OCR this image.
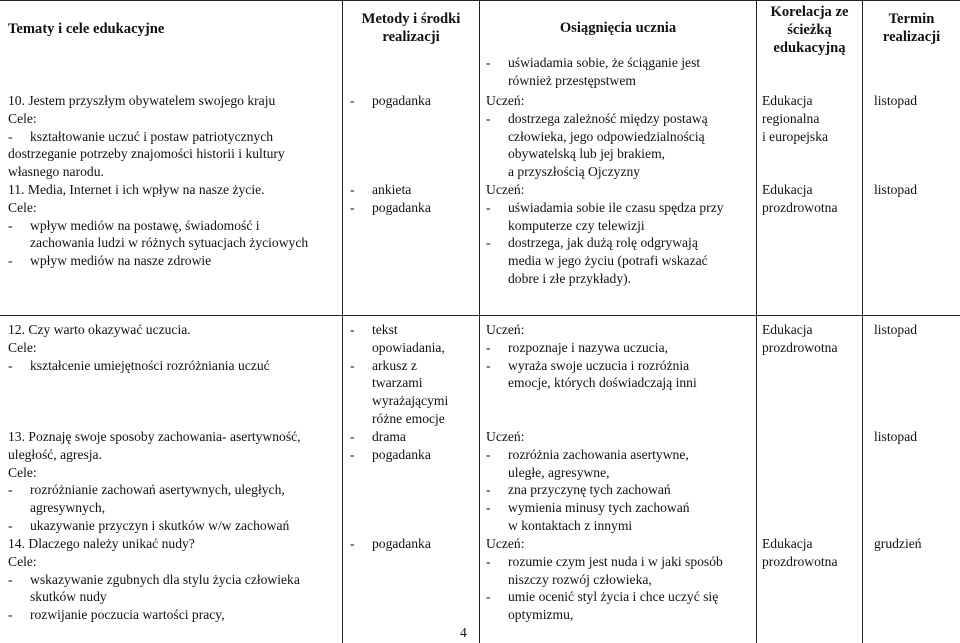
Tematy i cele edukacyjne
Metody i środki
realizacji
Osiągnięcia ucznia
Korelacja ze
ścieżką
edukacyjną
Termin
realizacji
10. Jestem przyszłym obywatelem swojego kraju
Cele:
- kształtowanie uczuć i postaw patriotycznych
dostrzeganie potrzeby znajomości historii i kultury
własnego narodu.
11. Media, Internet i ich wpływ na nasze życie.
Cele:
- wpływ mediów na postawę, świadomość i
zachowania ludzi w różnych sytuacjach życiowych
- wpływ mediów na nasze zdrowie
- pogadanka
- ankieta
- pogadanka
- uświadamia sobie, że ściąganie jest
również przestępstwem
Uczeń:
- dostrzega zależność między postawą
człowieka, jego odpowiedzialnością
obywatelską lub jej brakiem,
a przyszłością Ojczyzny
Uczeń:
- uświadamia sobie ile czasu spędza przy
komputerze czy telewizji
- dostrzega, jak dużą rolę odgrywają
media w jego życiu (potrafi wskazać
dobre i złe przykłady).
Edukacja
regionalna
i europejska
Edukacja
prozdrowotna
listopad
listopad
12. Czy warto okazywać uczucia.
Cele:
- kształcenie umiejętności rozróżniania uczuć
13. Poznaję swoje sposoby zachowania- asertywność,
uległość, agresja.
Cele:
- rozróżnianie zachowań asertywnych, uległych,
agresywnych,
- ukazywanie przyczyn i skutków w/w zachowań
14. Dlaczego należy unikać nudy?
Cele:
- wskazywanie zgubnych dla stylu życia człowieka
skutków nudy
- rozwijanie poczucia wartości pracy,
- tekst
opowiadania,
- arkusz z
twarzami
wyrażającymi
różne emocje
- drama
- pogadanka
- pogadanka
Uczeń:
- rozpoznaje i nazywa uczucia,
- wyraża swoje uczucia i rozróżnia
emocje, których doświadczają inni
Uczeń:
- rozróżnia zachowania asertywne,
uległe, agresywne,
- zna przyczynę tych zachowań
- wymienia minusy tych zachowań
w kontaktach z innymi
Uczeń:
- rozumie czym jest nuda i w jaki sposób
niszczy rozwój człowieka,
- umie ocenić styl życia i chce uczyć się
optymizmu,
Edukacja
prozdrowotna
Edukacja
prozdrowotna
listopad
listopad
grudzień
4
